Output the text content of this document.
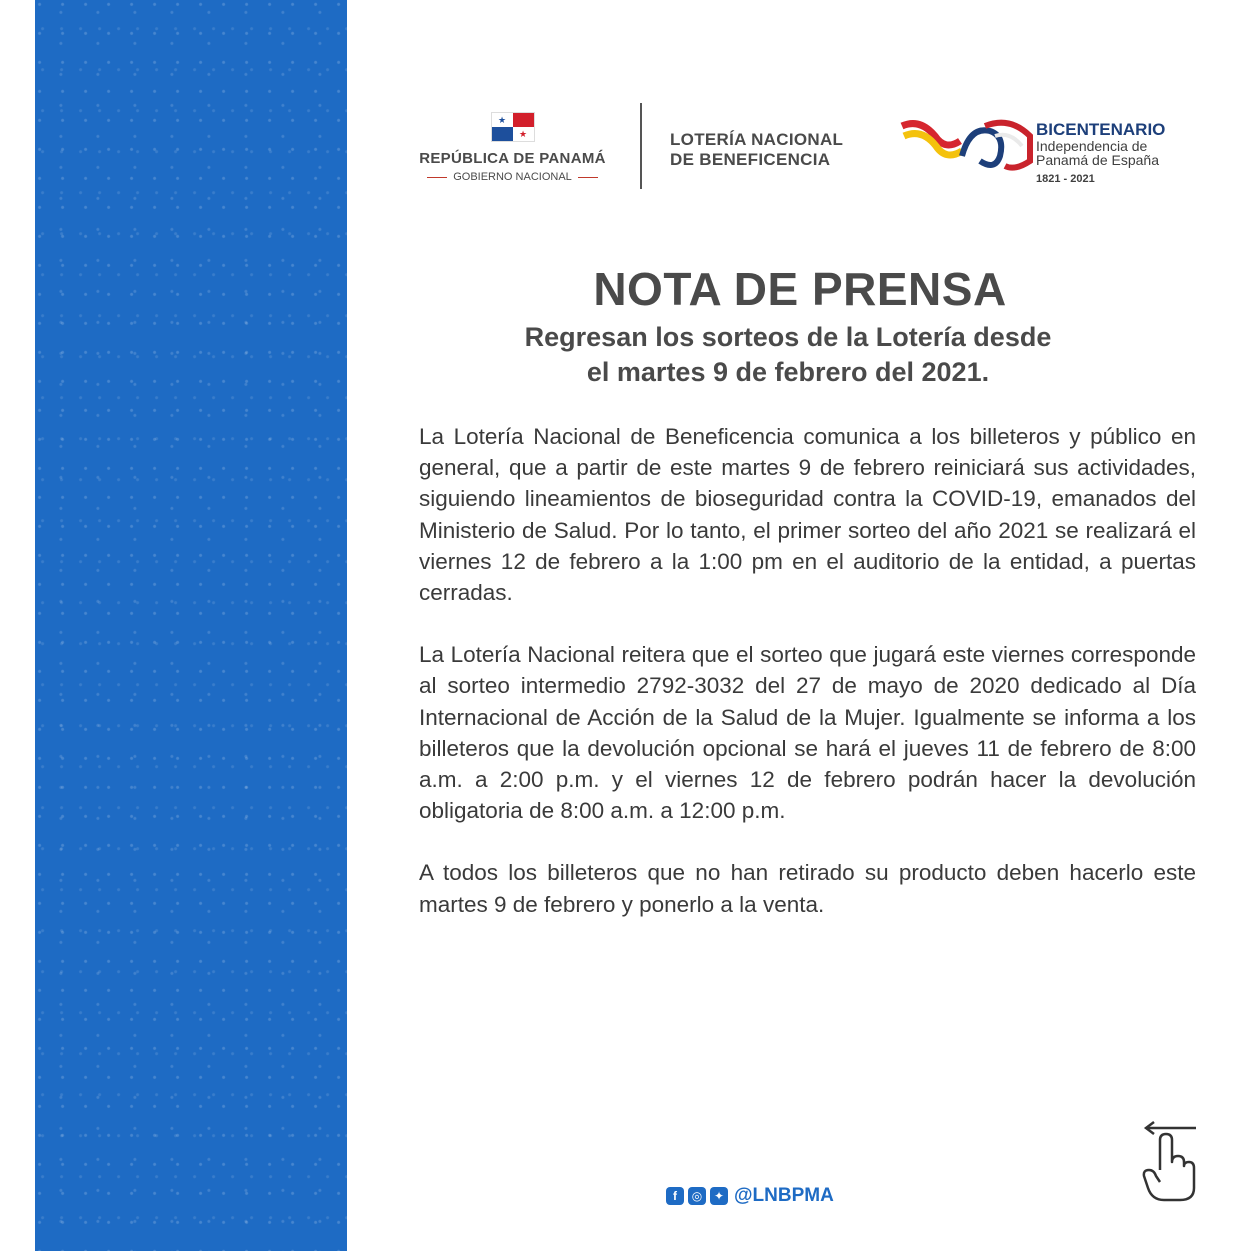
★
★
REPÚBLICA DE PANAMÁ
GOBIERNO NACIONAL
LOTERÍA NACIONAL
DE BENEFICENCIA
BICENTENARIO
Independencia de
Panamá de España
1821 - 2021
NOTA DE PRENSA
Regresan los sorteos de la Lotería desde
el martes 9 de febrero del 2021.

La Lotería Nacional de Beneficencia comunica a los billeteros y público en general, que a partir de este martes 9 de febrero reiniciará sus actividades, siguiendo lineamientos de bioseguridad contra la COVID-19, emanados del Ministerio de Salud. Por lo tanto, el primer sorteo del año 2021 se realizará el viernes 12 de febrero a la 1:00 pm en el auditorio de la entidad, a puertas cerradas.

La Lotería Nacional reitera que el sorteo que jugará este viernes corresponde al sorteo intermedio 2792-3032 del 27 de mayo de 2020 dedicado al Día Internacional de Acción de la Salud de la Mujer. Igualmente se informa a los billeteros que la devolución opcional se hará el jueves 11 de febrero de 8:00 a.m. a 2:00 p.m. y el viernes 12 de febrero podrán hacer la devolución obligatoria de 8:00 a.m. a 12:00 p.m.

A todos los billeteros que no han retirado su producto deben hacerlo este martes 9 de febrero y ponerlo a la venta.

f	◎ ✦ @LNBPMA
